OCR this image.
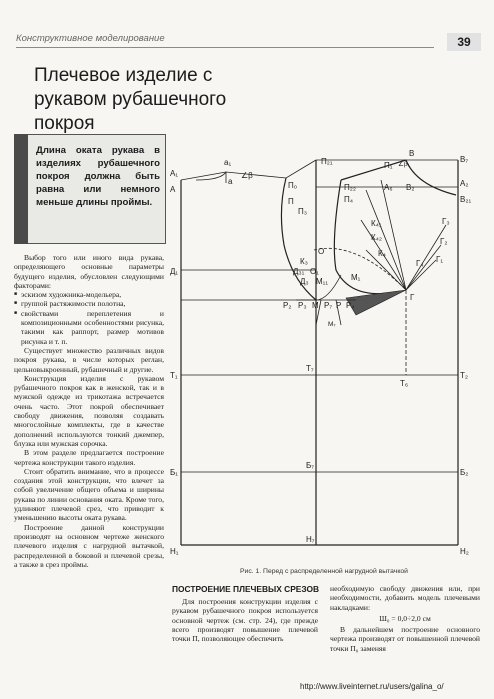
Конструктивное моделирование	39
Плечевое изделие с рукавом рубашечного покроя
Длина оката рукава в изделиях рубашечного покроя должна быть равна или немного меньше длины проймы.

Выбор того или иного вида рукава, определяющего основные параметры будущего изделия, обусловлен следующими факторами:

■ эскизом художника-модельера,
■ группой растяжимости полотна,
■ свойствами переплетения и композиционными особенностями рисунка, такими как раппорт, размер мотивов рисунка и т. п.

Существует множество различных видов покроя рукава, в числе которых реглан, цельновыкроенный, рубашечный и другие.

Конструкция изделия с рукавом рубашечного покроя как в женской, так и в мужской одежде из трикотажа встречается очень часто. Этот покрой обеспечивает свободу движения, позволяя создавать многослойные комплекты, где в качестве дополнений используются тонкий джемпер, блузка или мужская сорочка.

В этом разделе предлагается построение чертежа конструкции такого изделия.

Стоит обратить внимание, что в процессе создания этой конструкции, что влечет за собой увеличение общего объема и ширины рукава по линии основания оката. Кроме того, удлиняют плечевой срез, что приводит к уменьшению высоты оката рукава.

Построение данной конструкции производят на основном чертеже женского плечевого изделия с нагрудной вытачкой, распределенной в боковой и плечевой срезы, а также в срез проймы.

а₁
∠β
А₁
а
А
П₂₁	П₁ ∠β₁
В
В₇
П₀
П
П₂₂	А₆ В₂	А₂
В₂₁
П₄
П₃
К₄₁
К₄₂
К₄
Г₃
Г₂
Г₁
Г₄
Г
Д₁
К₃
О
Д₃₁ О₁
Д₃ М₁₁	М₁
Р₂ Р₃ М Р₇ Р Р₄
М₇
Т₁
Т₇
Т₆
Т₂
Б₁
Б₇
Б₂
Н₁
Н₇
Н₂
Рис. 1. Перед с распределенной нагрудной вытачкой
ПОСТРОЕНИЕ ПЛЕЧЕВЫХ СРЕЗОВ

Для построения конструкции изделия с рукавом рубашечного покроя используется основной чертеж (см. стр. 24), где прежде всего производят повышение плечевой точки П, позволяющее обеспечить

необходимую свободу движения или, при необходимости, добавить модель плечевыми накладками:

Ш₀ = 0,0÷2,0 см

В дальнейшем построение основного чертежа производят от повышенной плечевой точки П₀ заменяя

http://www.liveinternet.ru/users/galina_o/
